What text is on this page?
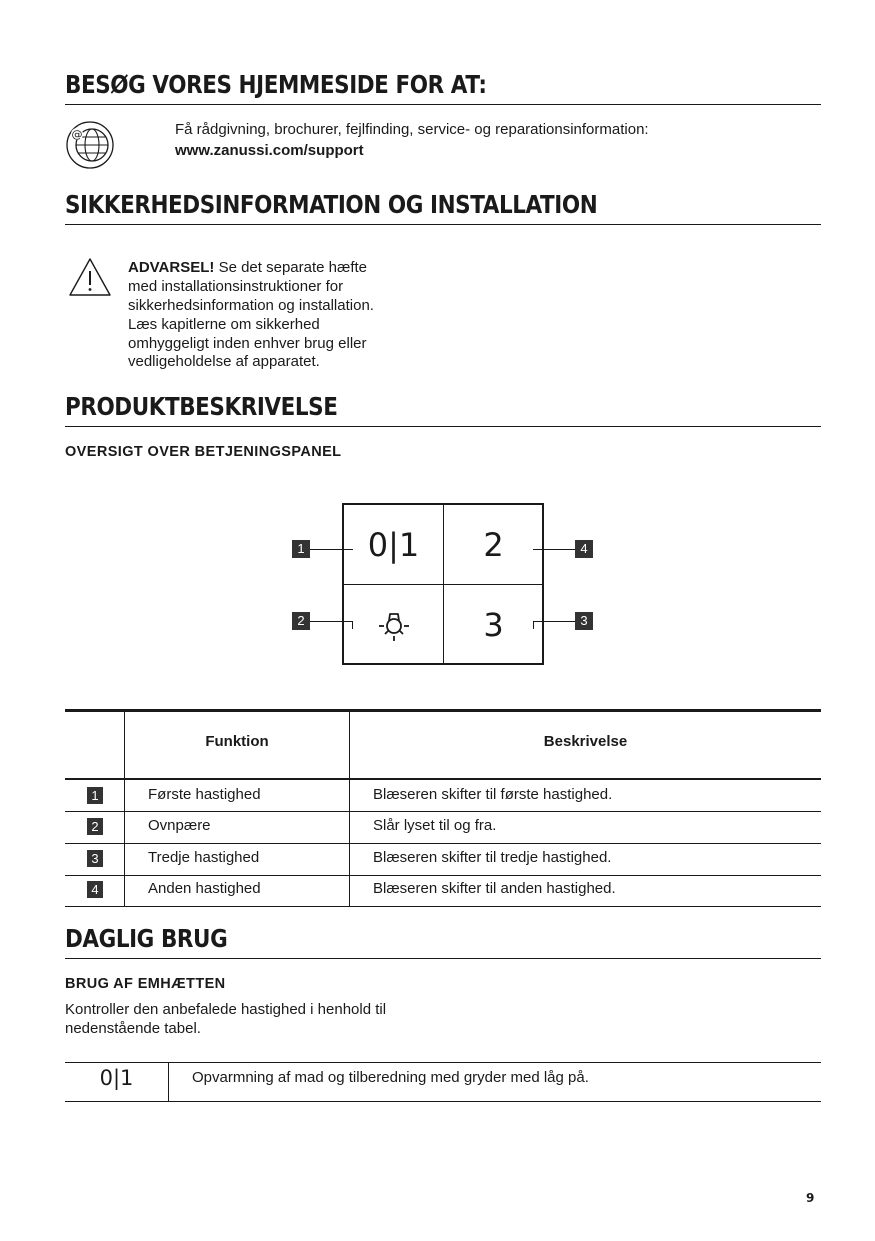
BESØG VORES HJEMMESIDE FOR AT:
@	Få rådgivning, brochurer, fejlfinding, service- og reparationsinformation:
www.zanussi.com/support
SIKKERHEDSINFORMATION OG INSTALLATION
ADVARSEL! Se det separate hæfte
med installationsinstruktioner for
sikkerhedsinformation og installation.
Læs kapitlerne om sikkerhed
omhyggeligt inden enhver brug eller
vedligeholdelse af apparatet.
PRODUKTBESKRIVELSE
OVERSIGT OVER BETJENINGSPANEL
0|1	2
3
1
2
4
3
Funktion	Beskrivelse
1	Første hastighed	Blæseren skifter til første hastighed.
2	Ovnpære	Slår lyset til og fra.
3	Tredje hastighed	Blæseren skifter til tredje hastighed.
4	Anden hastighed	Blæseren skifter til anden hastighed.
DAGLIG BRUG
BRUG AF EMHÆTTEN
Kontroller den anbefalede hastighed i henhold til
nedenstående tabel.
0|1	Opvarmning af mad og tilberedning med gryder med låg på.
9
